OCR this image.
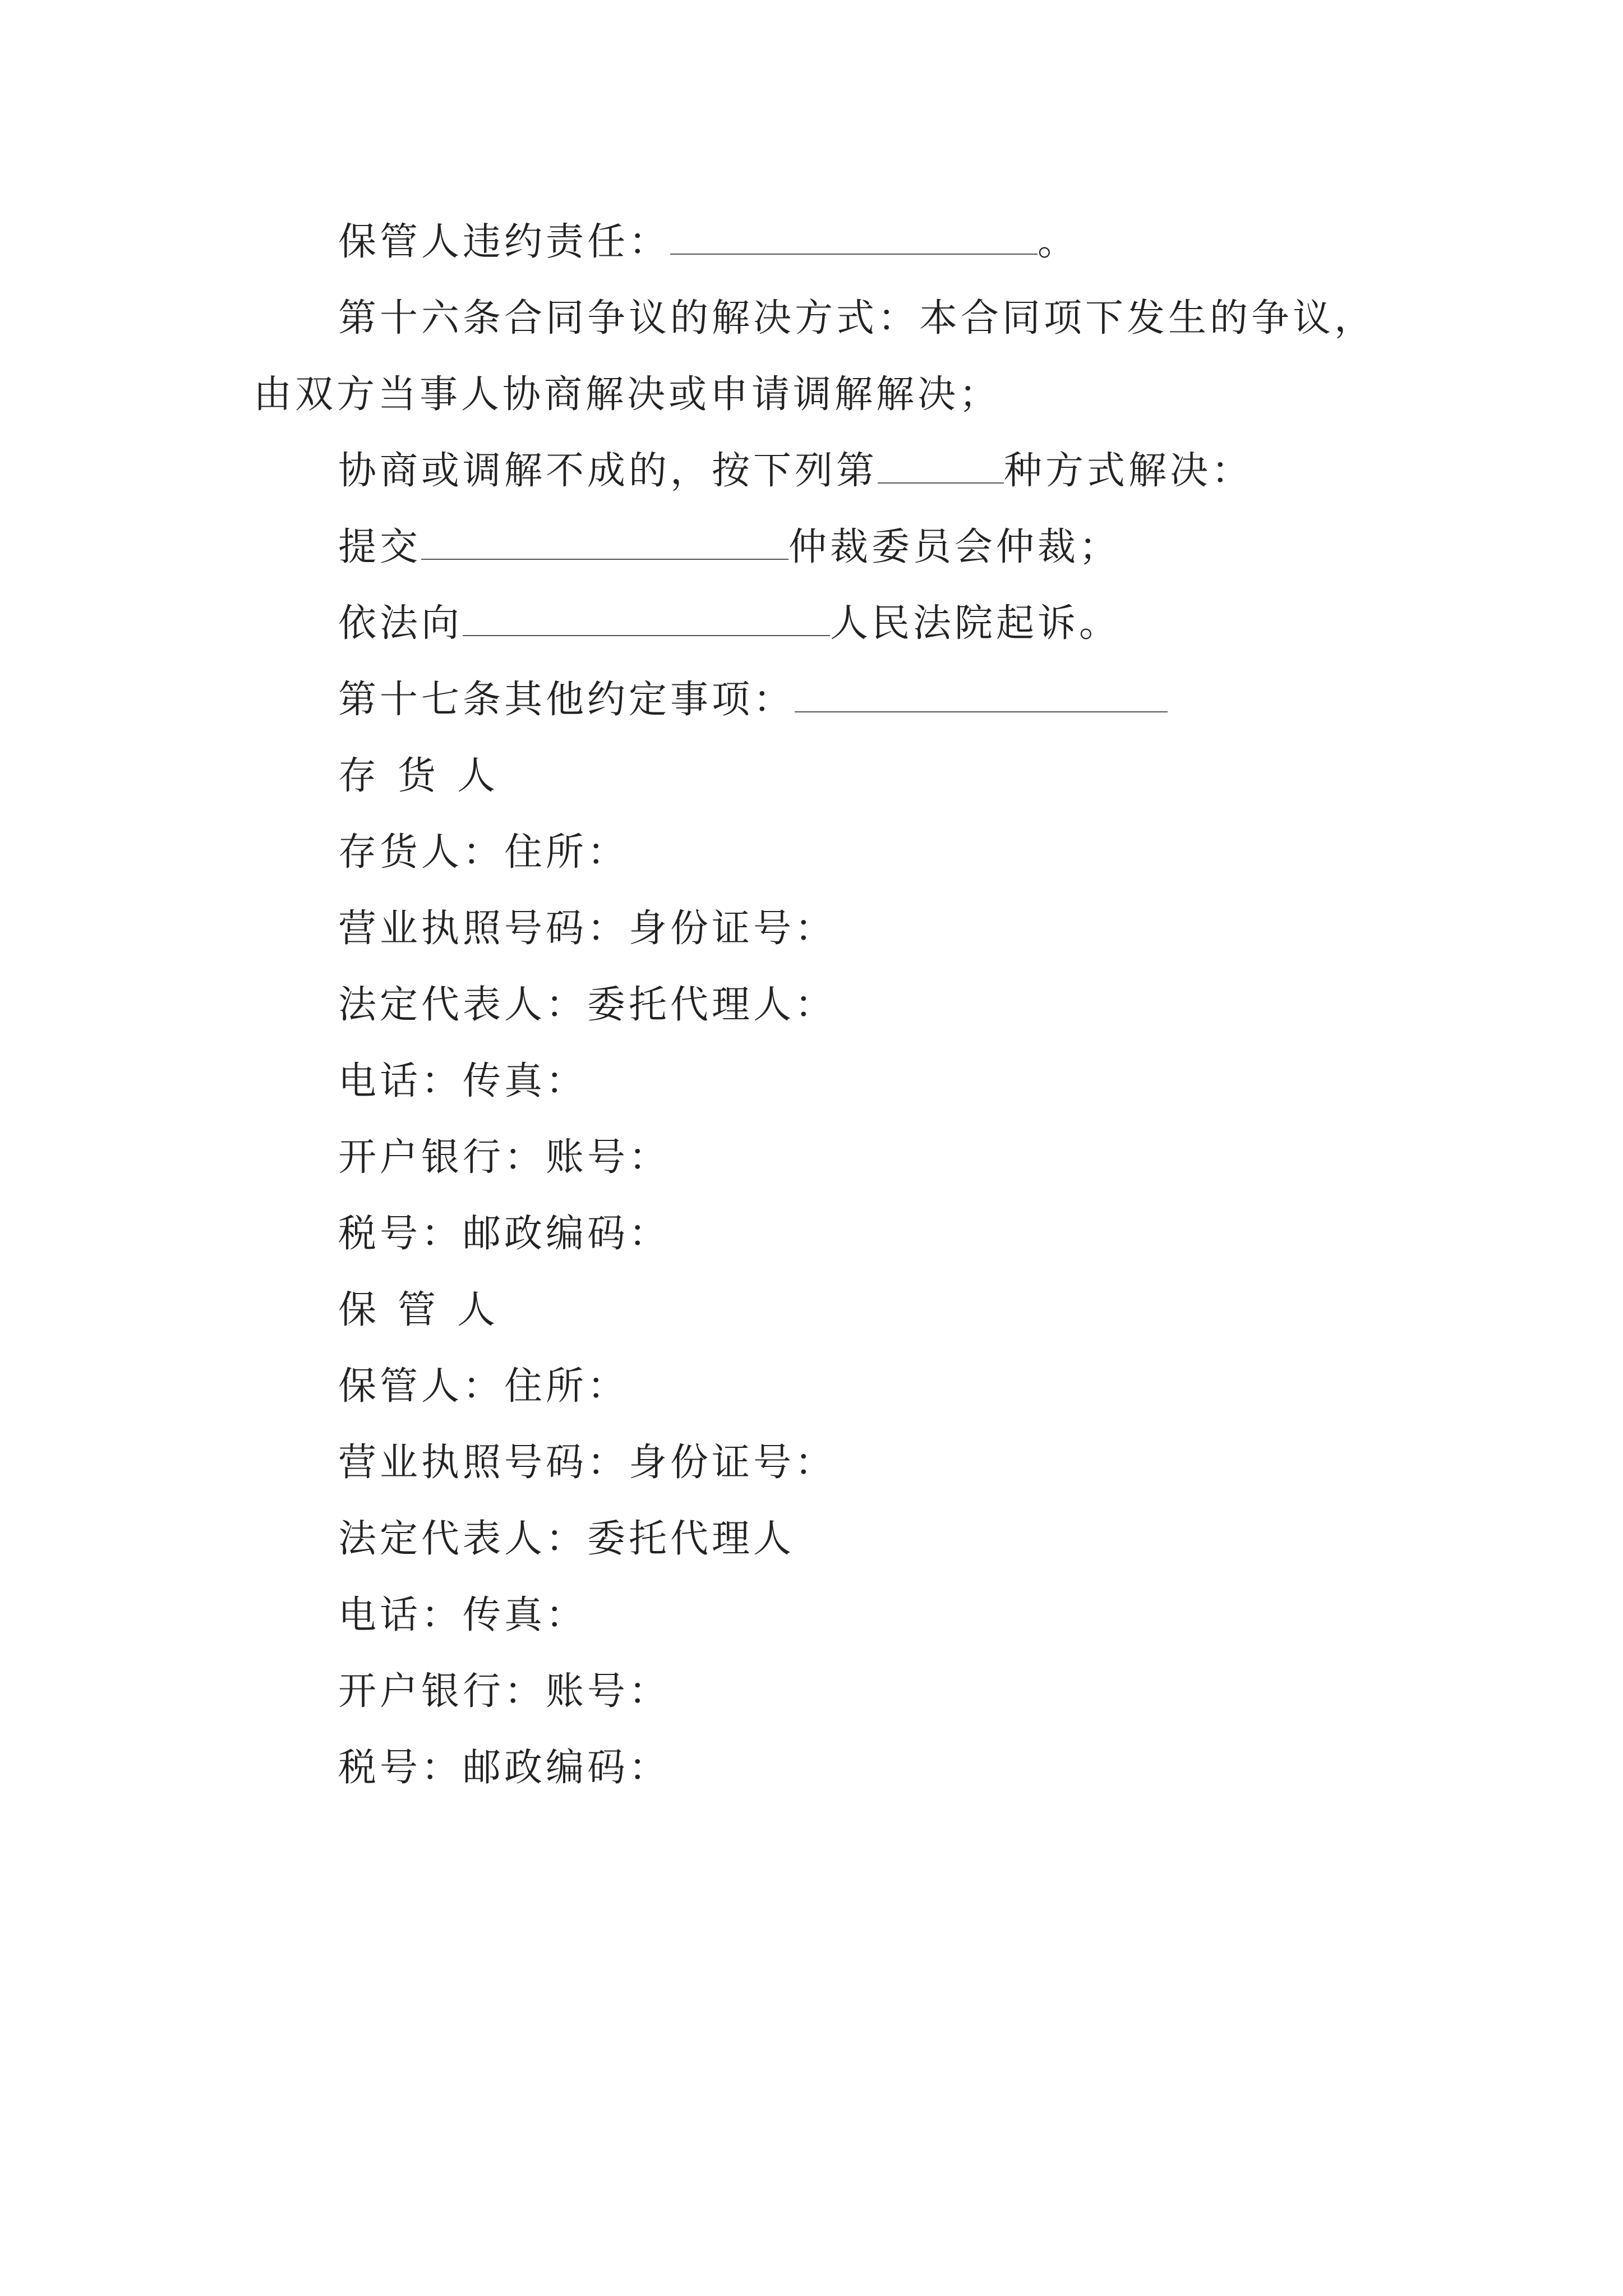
保管人违约责任：	。
第十六条合同争议的解决方式：本合同项下发生的争议，
由双方当事人协商解决或申请调解解决；
协商或调解不成的，按下列第	种方式解决：
提交	仲裁委员会仲裁；
依法向	人民法院起诉。
第十七条其他约定事项：
存货人
存货人：住所：
营业执照号码：身份证号：
法定代表人：委托代理人：
电话：传真：
开户银行：账号：
税号：邮政编码：
保管人
保管人：住所：
营业执照号码：身份证号：
法定代表人：委托代理人
电话：传真：
开户银行：账号：
税号：邮政编码：
